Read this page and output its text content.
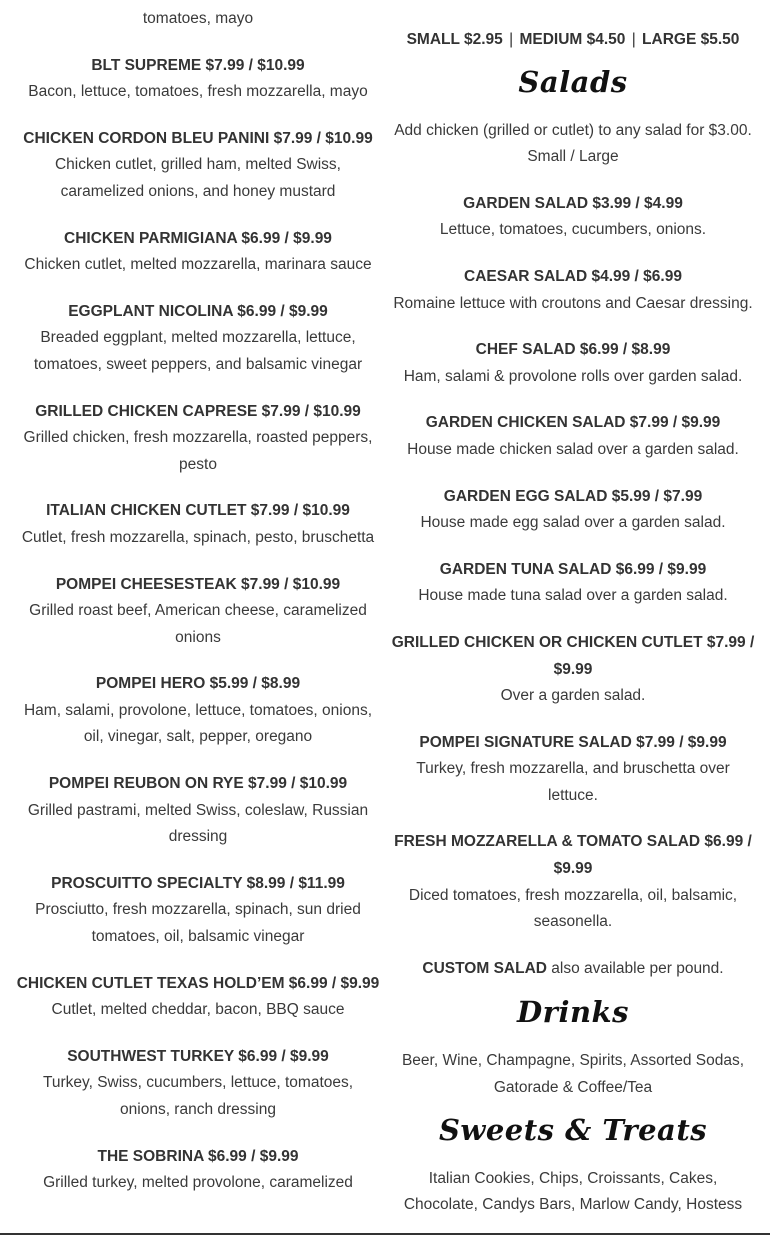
tomatoes, mayo
BLT SUPREME $7.99 / $10.99
Bacon, lettuce, tomatoes, fresh mozzarella, mayo
CHICKEN CORDON BLEU PANINI $7.99 / $10.99
Chicken cutlet, grilled ham, melted Swiss, caramelized onions, and honey mustard
CHICKEN PARMIGIANA $6.99 / $9.99
Chicken cutlet, melted mozzarella, marinara sauce
EGGPLANT NICOLINA $6.99 / $9.99
Breaded eggplant, melted mozzarella, lettuce, tomatoes, sweet peppers, and balsamic vinegar
GRILLED CHICKEN CAPRESE $7.99 / $10.99
Grilled chicken, fresh mozzarella, roasted peppers, pesto
ITALIAN CHICKEN CUTLET $7.99 / $10.99
Cutlet, fresh mozzarella, spinach, pesto, bruschetta
POMPEI CHEESESTEAK $7.99 / $10.99
Grilled roast beef, American cheese, caramelized onions
POMPEI HERO $5.99 / $8.99
Ham, salami, provolone, lettuce, tomatoes, onions, oil, vinegar, salt, pepper, oregano
POMPEI REUBON ON RYE $7.99 / $10.99
Grilled pastrami, melted Swiss, coleslaw, Russian dressing
PROSCUITTO SPECIALTY $8.99 / $11.99
Prosciutto, fresh mozzarella, spinach, sun dried tomatoes, oil, balsamic vinegar
CHICKEN CUTLET TEXAS HOLD’EM $6.99 / $9.99
Cutlet, melted cheddar, bacon, BBQ sauce
SOUTHWEST TURKEY $6.99 / $9.99
Turkey, Swiss, cucumbers, lettuce, tomatoes, onions, ranch dressing
THE SOBRINA $6.99 / $9.99
Grilled turkey, melted provolone, caramelized
SMALL $2.95 | MEDIUM $4.50 | LARGE $5.50
Salads
Add chicken (grilled or cutlet) to any salad for $3.00. Small / Large
GARDEN SALAD $3.99 / $4.99
Lettuce, tomatoes, cucumbers, onions.
CAESAR SALAD $4.99 / $6.99
Romaine lettuce with croutons and Caesar dressing.
CHEF SALAD $6.99 / $8.99
Ham, salami & provolone rolls over garden salad.
GARDEN CHICKEN SALAD $7.99 / $9.99
House made chicken salad over a garden salad.
GARDEN EGG SALAD $5.99 / $7.99
House made egg salad over a garden salad.
GARDEN TUNA SALAD $6.99 / $9.99
House made tuna salad over a garden salad.
GRILLED CHICKEN OR CHICKEN CUTLET $7.99 / $9.99
Over a garden salad.
POMPEI SIGNATURE SALAD $7.99 / $9.99
Turkey, fresh mozzarella, and bruschetta over lettuce.
FRESH MOZZARELLA & TOMATO SALAD $6.99 / $9.99
Diced tomatoes, fresh mozzarella, oil, balsamic, seasonella.
CUSTOM SALAD also available per pound.
Drinks
Beer, Wine, Champagne, Spirits, Assorted Sodas, Gatorade & Coffee/Tea
Sweets & Treats
Italian Cookies, Chips, Croissants, Cakes, Chocolate, Candys Bars, Marlow Candy, Hostess
